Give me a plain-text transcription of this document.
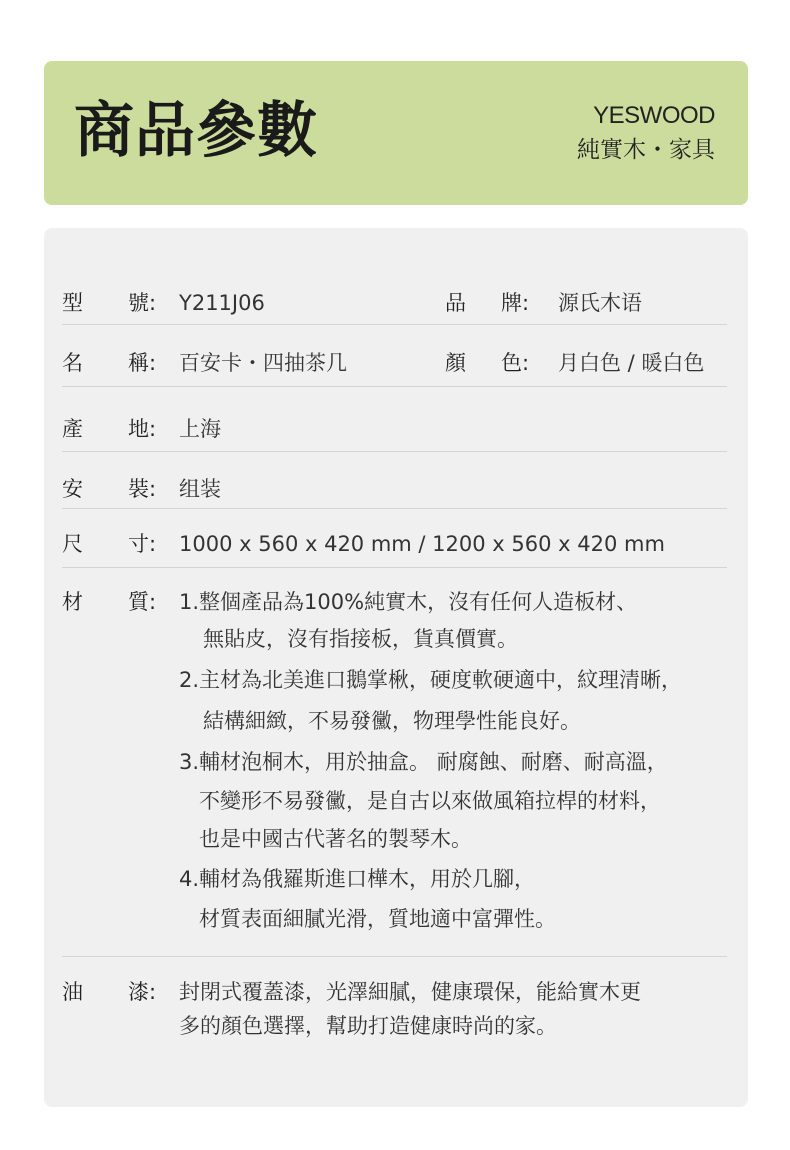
商品參數	YESWOOD
純實木・家具
型 號: Y211J06	品 牌: 源氏木语
名 稱: 百安卡・四抽茶几	顏 色: 月白色 / 暖白色
產 地: 上海
安 裝: 组装
尺 寸: 1000 x 560 x 420 mm / 1200 x 560 x 420 mm
材 質: 1.整個產品為100%純實木，沒有任何人造板材、
無貼皮，沒有指接板，貨真價實。
2.主材為北美進口鵝掌楸，硬度軟硬適中，紋理清晰，
結構細緻，不易發黴，物理學性能良好。
3.輔材泡桐木，用於抽盒。 耐腐蝕、耐磨、耐高溫，
不變形不易發黴，是自古以來做風箱拉桿的材料，
也是中國古代著名的製琴木。
4.輔材為俄羅斯進口樺木，用於几腳，
材質表面細膩光滑，質地適中富彈性。
油 漆: 封閉式覆蓋漆，光澤細膩，健康環保，能給實木更
多的顏色選擇，幫助打造健康時尚的家。
